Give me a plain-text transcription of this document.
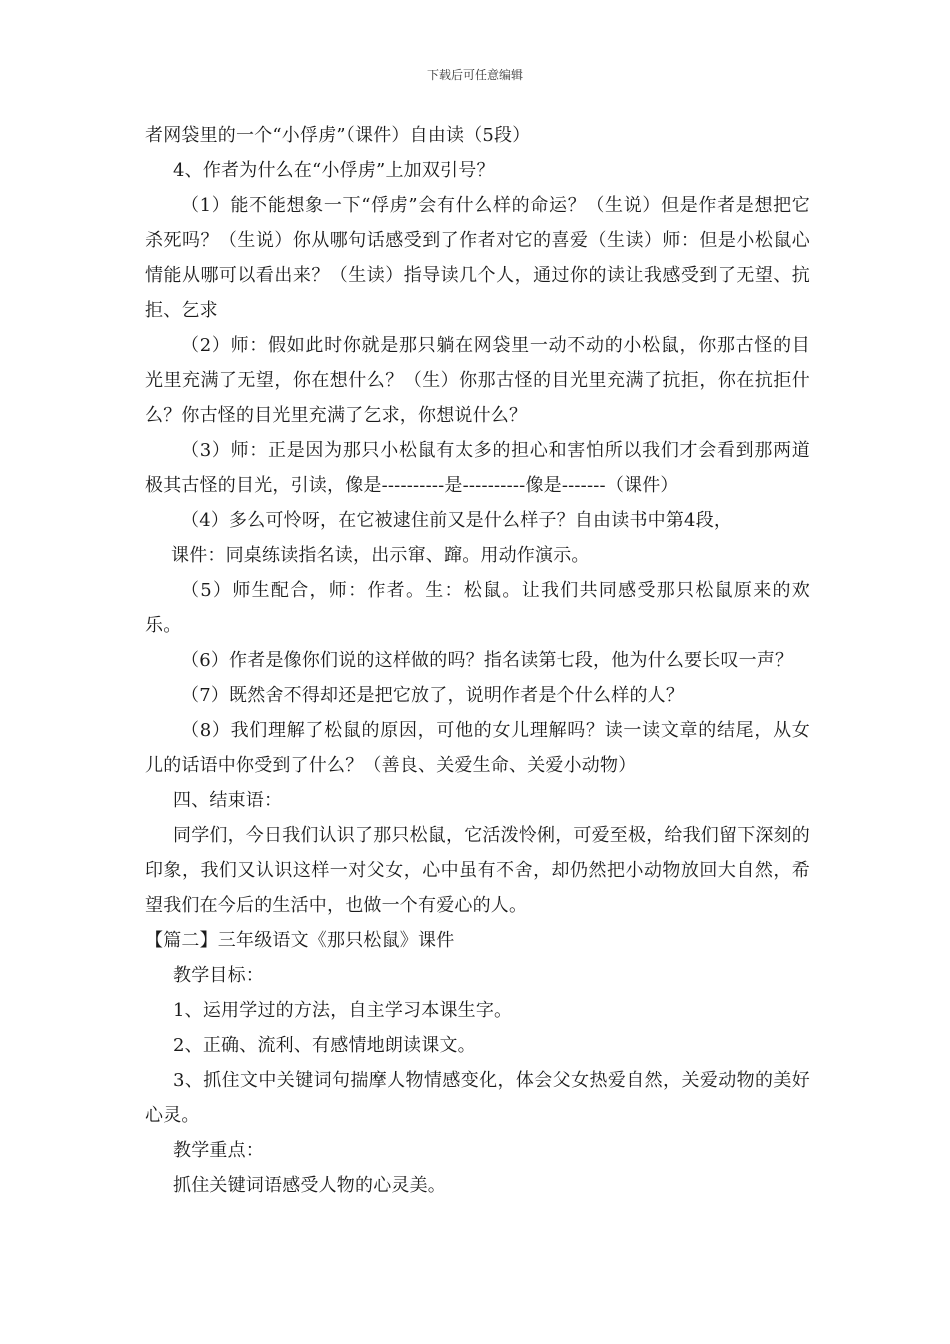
下载后可任意编辑

者网袋里的一个“小俘虏”（课件）自由读（5段）

4、作者为什么在“小俘虏”上加双引号？

（1）能不能想象一下“俘虏”会有什么样的命运？（生说）但是作者是想把它杀死吗？（生说）你从哪句话感受到了作者对它的喜爱（生读）师：但是小松鼠心情能从哪可以看出来？（生读）指导读几个人，通过你的读让我感受到了无望、抗拒、乞求

（2）师：假如此时你就是那只躺在网袋里一动不动的小松鼠，你那古怪的目光里充满了无望，你在想什么？（生）你那古怪的目光里充满了抗拒，你在抗拒什么？你古怪的目光里充满了乞求，你想说什么？

（3）师：正是因为那只小松鼠有太多的担心和害怕所以我们才会看到那两道极其古怪的目光，引读，像是----------是----------像是-------（课件）

（4）多么可怜呀，在它被逮住前又是什么样子？自由读书中第4段，

课件：同桌练读指名读，出示窜、蹿。用动作演示。

（5）师生配合，师：作者。生：松鼠。让我们共同感受那只松鼠原来的欢乐。

（6）作者是像你们说的这样做的吗？指名读第七段，他为什么要长叹一声？

（7）既然舍不得却还是把它放了，说明作者是个什么样的人？

（8）我们理解了松鼠的原因，可他的女儿理解吗？读一读文章的结尾，从女儿的话语中你受到了什么？（善良、关爱生命、关爱小动物）

四、结束语：

同学们，今日我们认识了那只松鼠，它活泼怜俐，可爱至极，给我们留下深刻的印象，我们又认识这样一对父女，心中虽有不舍，却仍然把小动物放回大自然，希望我们在今后的生活中，也做一个有爱心的人。

【篇二】三年级语文《那只松鼠》课件

教学目标：

1、运用学过的方法，自主学习本课生字。

2、正确、流利、有感情地朗读课文。

3、抓住文中关键词句揣摩人物情感变化，体会父女热爱自然，关爱动物的美好心灵。

教学重点：

抓住关键词语感受人物的心灵美。
